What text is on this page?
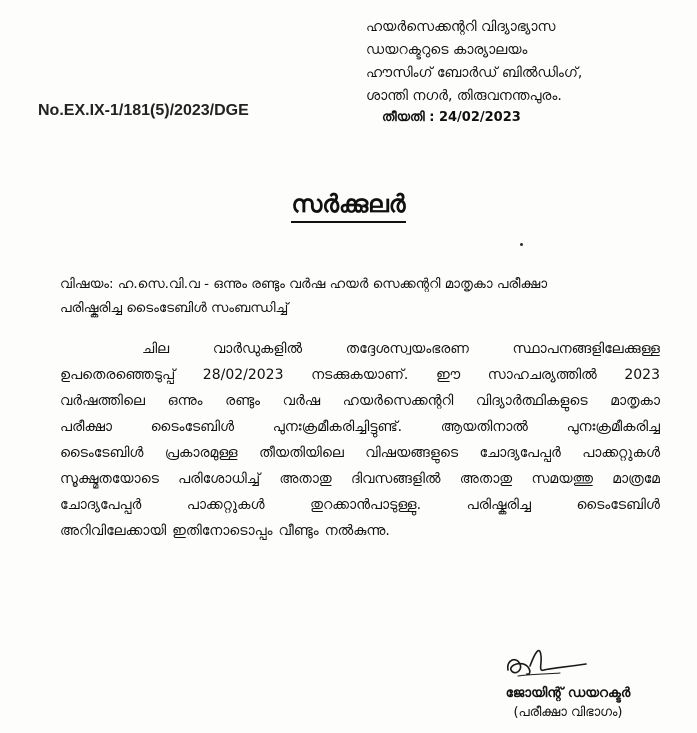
ഹയർസെക്കന്ററി വിദ്യാഭ്യാസ
ഡയറക്ടറുടെ കാര്യാലയം
ഹൗസിംഗ് ബോർഡ് ബിൽഡിംഗ്,
ശാന്തി നഗർ, തിരുവനന്തപുരം.
No.EX.IX-1/181(5)/2023/DGE	തീയതി : 24/02/2023
സർക്കുലർ
വിഷയം: ഹ.സെ.വി.വ - ഒന്നും രണ്ടും വർഷ ഹയർ സെക്കന്ററി മാതൃകാ പരീക്ഷാ
പരിഷ്കരിച്ച ടൈംടേബിൾ സംബന്ധിച്ച്
ചില	വാർഡുകളിൽ	തദ്ദേശസ്വയംഭരണ	സ്ഥാപനങ്ങളിലേക്കുള്ള
ഉപതെരഞ്ഞെടുപ്പ് 28/02/2023 നടക്കുകയാണ്. ഈ സാഹചര്യത്തിൽ 2023
വർഷത്തിലെ ഒന്നും രണ്ടും വർഷ ഹയർസെക്കന്ററി വിദ്യാർത്ഥികളുടെ മാതൃകാ
പരീക്ഷാ	ടൈംടേബിൾ	പുനഃക്രമീകരിച്ചിട്ടുണ്ട്.	ആയതിനാൽ	പുനഃക്രമീകരിച്ച
ടൈംടേബിൾ പ്രകാരമുള്ള തീയതിയിലെ വിഷയങ്ങളുടെ ചോദ്യപേപ്പർ പാക്കറ്റുകൾ
സൂക്ഷ്മതയോടെ പരിശോധിച്ച് അതാതു ദിവസങ്ങളിൽ അതാതു സമയത്തു മാത്രമേ
ചോദ്യപേപ്പർ	പാക്കറ്റുകൾ	തുറക്കാൻപാടുള്ളു.	പരിഷ്കരിച്ച	ടൈംടേബിൾ
അറിവിലേക്കായി ഇതിനോടൊപ്പം വീണ്ടും നൽകുന്നു.
ജോയിന്റ് ഡയറക്ടർ
(പരീക്ഷാ വിഭാഗം)
